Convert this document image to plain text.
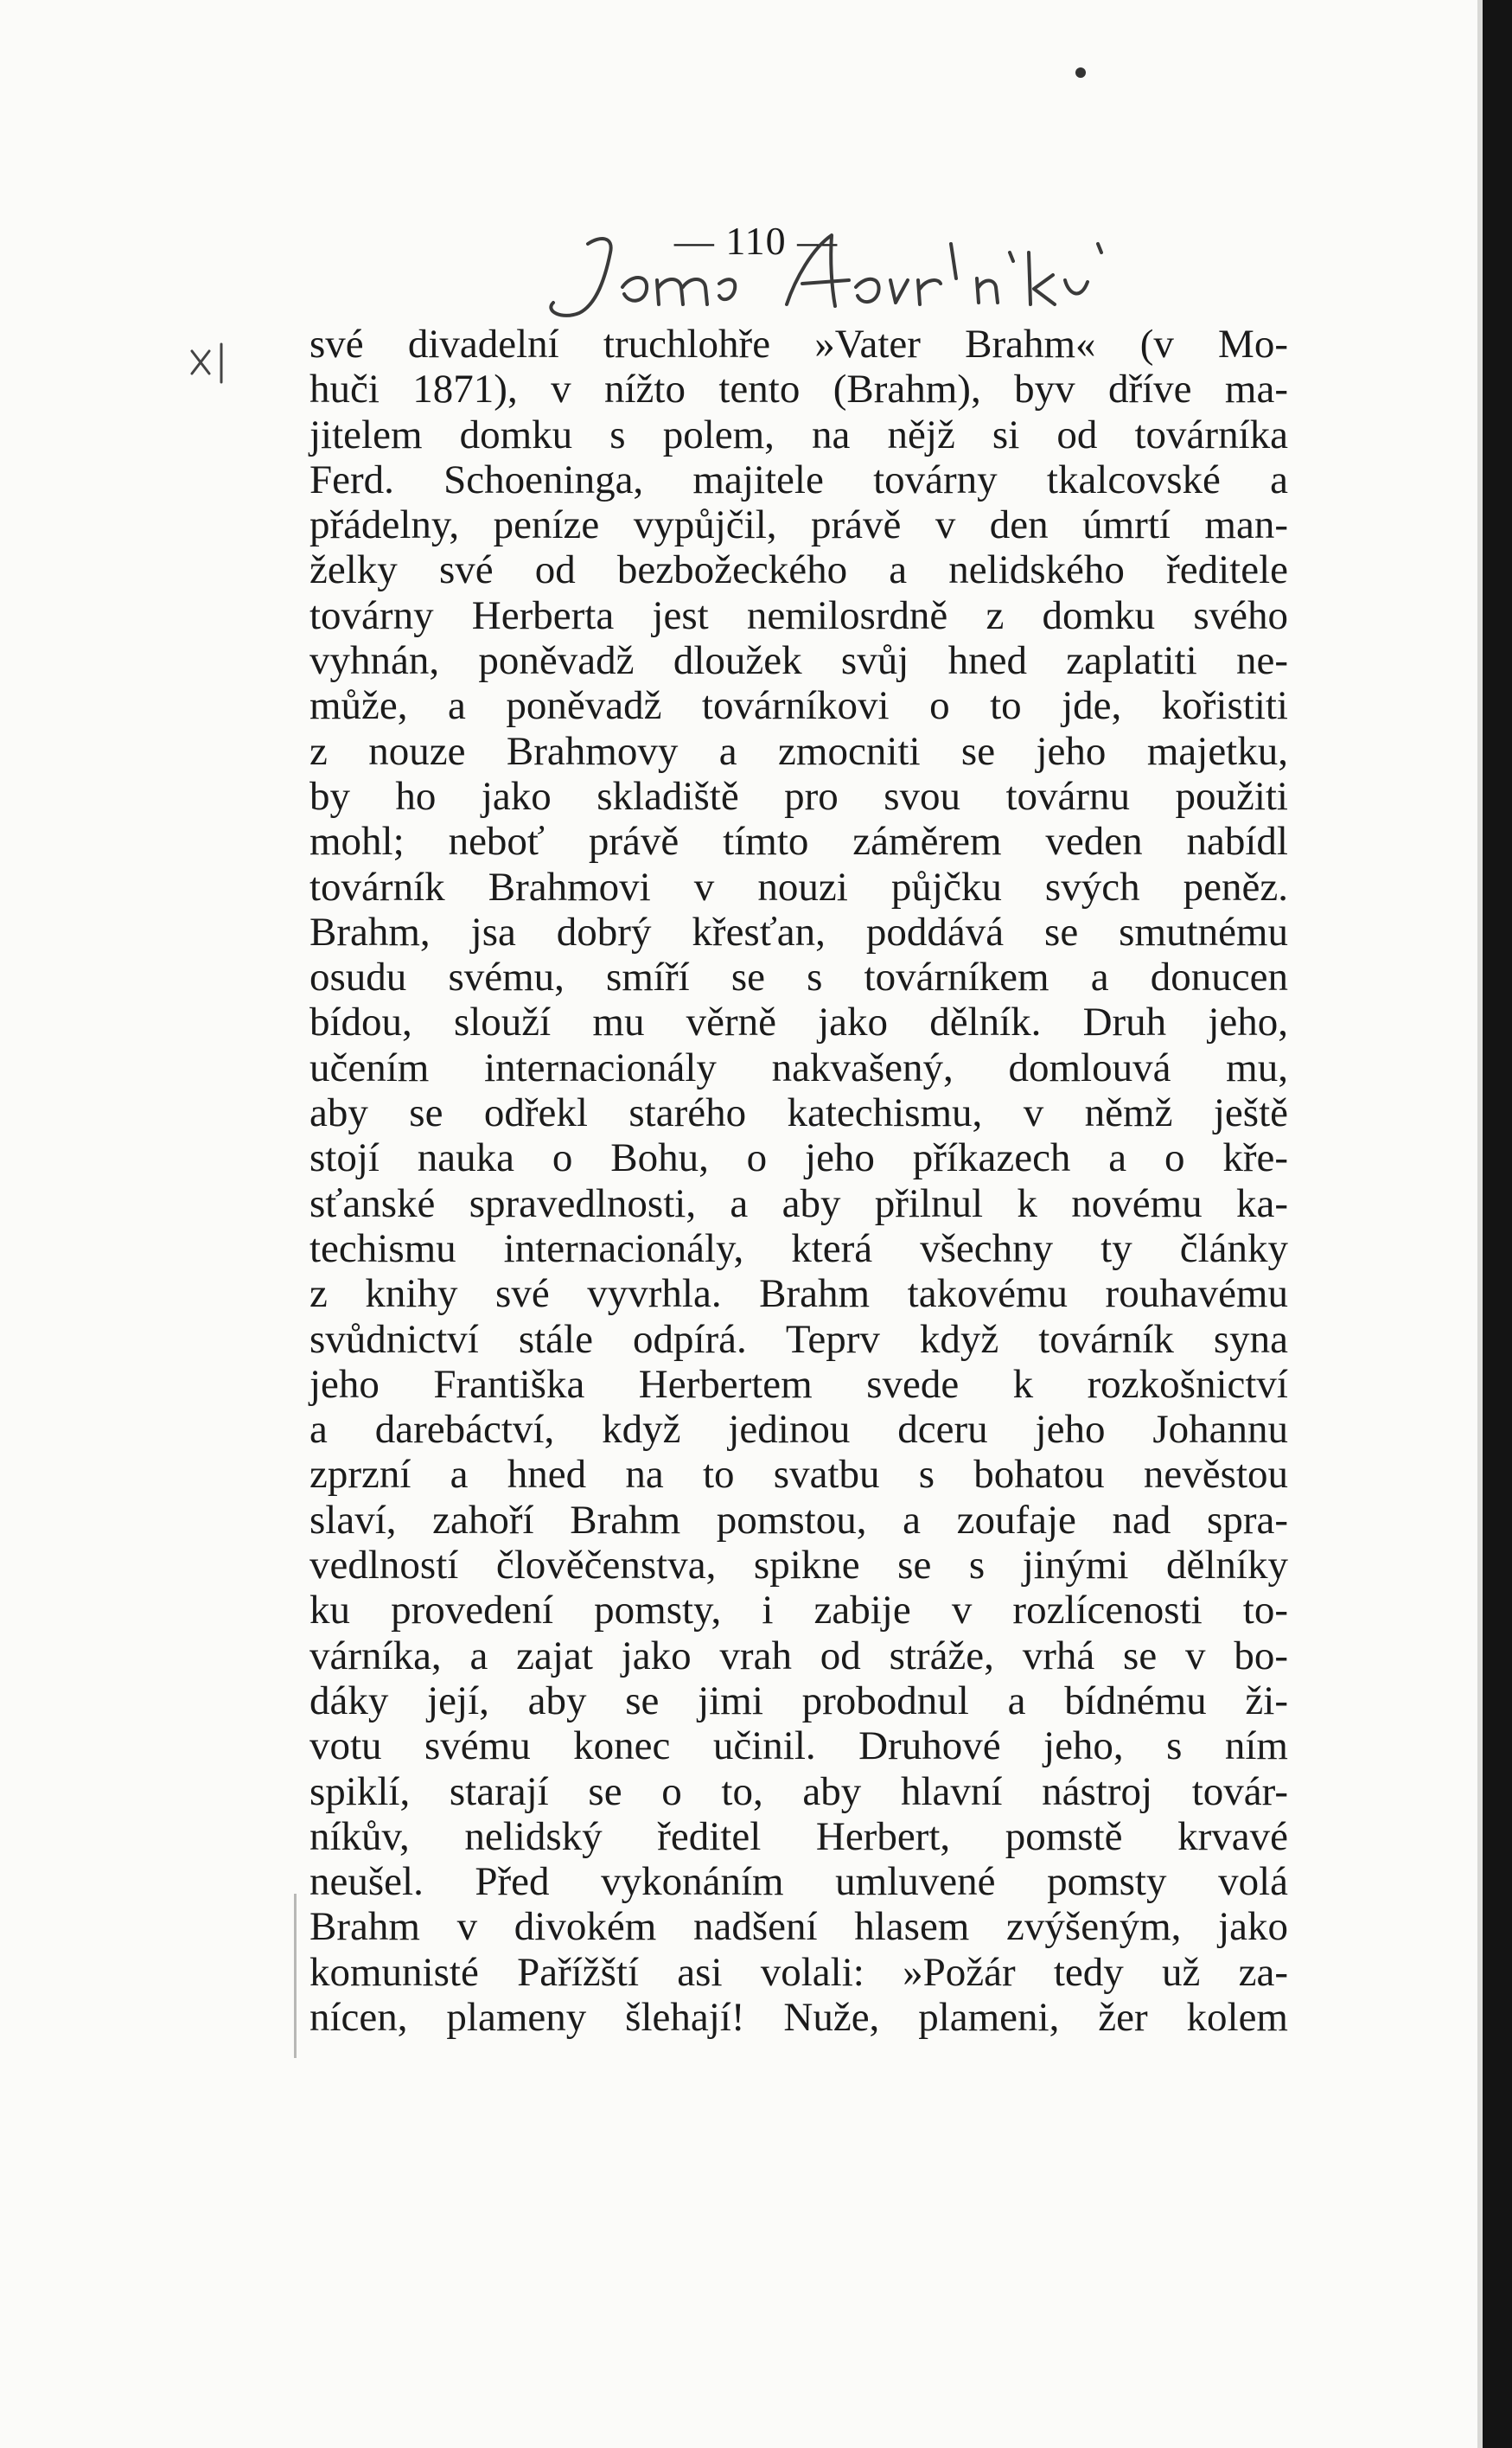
— 110 —
své divadelní truchlohře »Vater Brahm« (v Mo-
huči 1871), v nížto tento (Brahm), byv dříve ma-
jitelem domku s polem, na nějž si od továrníka
Ferd. Schoeninga, majitele továrny tkalcovské a
přádelny, peníze vypůjčil, právě v den úmrtí man-
želky své od bezbožeckého a nelidského ředitele
továrny Herberta jest nemilosrdně z domku svého
vyhnán, poněvadž dloužek svůj hned zaplatiti ne-
může, a poněvadž továrníkovi o to jde, kořistiti
z nouze Brahmovy a zmocniti se jeho majetku,
by ho jako skladiště pro svou továrnu použiti
mohl; neboť právě tímto záměrem veden nabídl
továrník Brahmovi v nouzi půjčku svých peněz.
Brahm, jsa dobrý křesťan, poddává se smutnému
osudu svému, smíří se s továrníkem a donucen
bídou, slouží mu věrně jako dělník. Druh jeho,
učením internacionály nakvašený, domlouvá mu,
aby se odřekl starého katechismu, v němž ještě
stojí nauka o Bohu, o jeho příkazech a o kře-
sťanské spravedlnosti, a aby přilnul k novému ka-
techismu internacionály, která všechny ty články
z knihy své vyvrhla. Brahm takovému rouhavému
svůdnictví stále odpírá. Teprv když továrník syna
jeho Františka Herbertem svede k rozkošnictví
a darebáctví, když jedinou dceru jeho Johannu
zprzní a hned na to svatbu s bohatou nevěstou
slaví, zahoří Brahm pomstou, a zoufaje nad spra-
vedlností člověčenstva, spikne se s jinými dělníky
ku provedení pomsty, i zabije v rozlícenosti to-
várníka, a zajat jako vrah od stráže, vrhá se v bo-
dáky její, aby se jimi probodnul a bídnému ži-
votu svému konec učinil. Druhové jeho, s ním
spiklí, starají se o to, aby hlavní nástroj továr-
níkův, nelidský ředitel Herbert, pomstě krvavé
neušel. Před vykonáním umluvené pomsty volá
Brahm v divokém nadšení hlasem zvýšeným, jako
komunisté Pařížští asi volali: »Požár tedy už za-
nícen, plameny šlehají! Nuže, plameni, žer kolem
